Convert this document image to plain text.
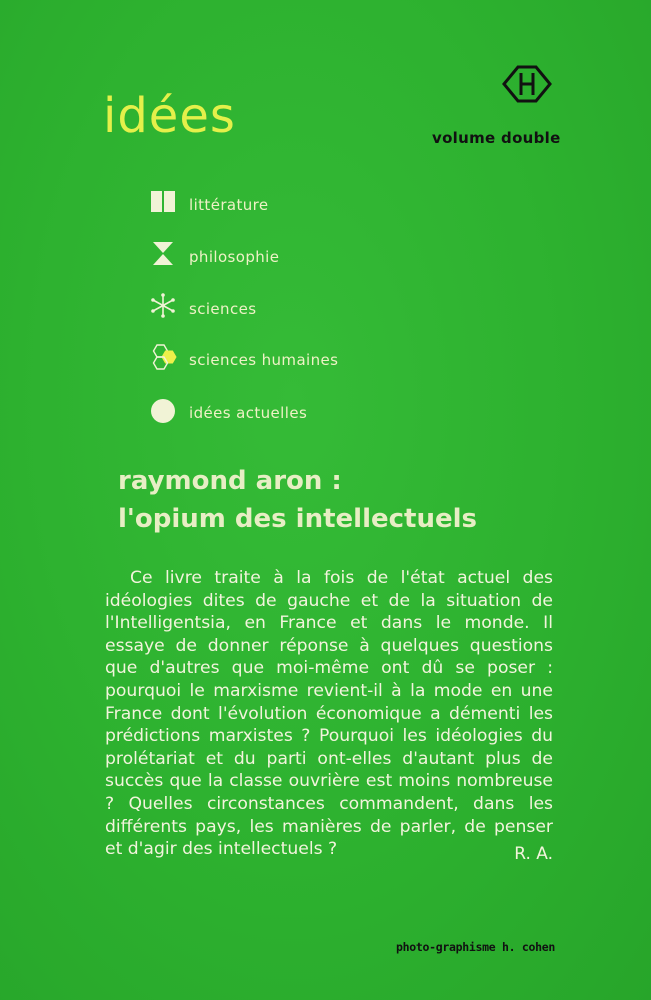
idées	volume double
littérature
philosophie
sciences
sciences humaines
idées actuelles
raymond aron :
l'opium des intellectuels

Ce livre traite à la fois de l'état actuel des idéologies dites de gauche et de la situation de l'Intelligentsia, en France et dans le monde. Il essaye de donner réponse à quelques questions que d'autres que moi-même ont dû se poser : pourquoi le marxisme revient-il à la mode en une France dont l'évolution économique a démenti les prédictions marxistes ? Pourquoi les idéologies du prolétariat et du parti ont-elles d'autant plus de succès que la classe ouvrière est moins nombreuse ? Quelles circonstances commandent, dans les différents pays, les manières de parler, de penser et d'agir des intellectuels ?	R. A.
photo-graphisme h. cohen
